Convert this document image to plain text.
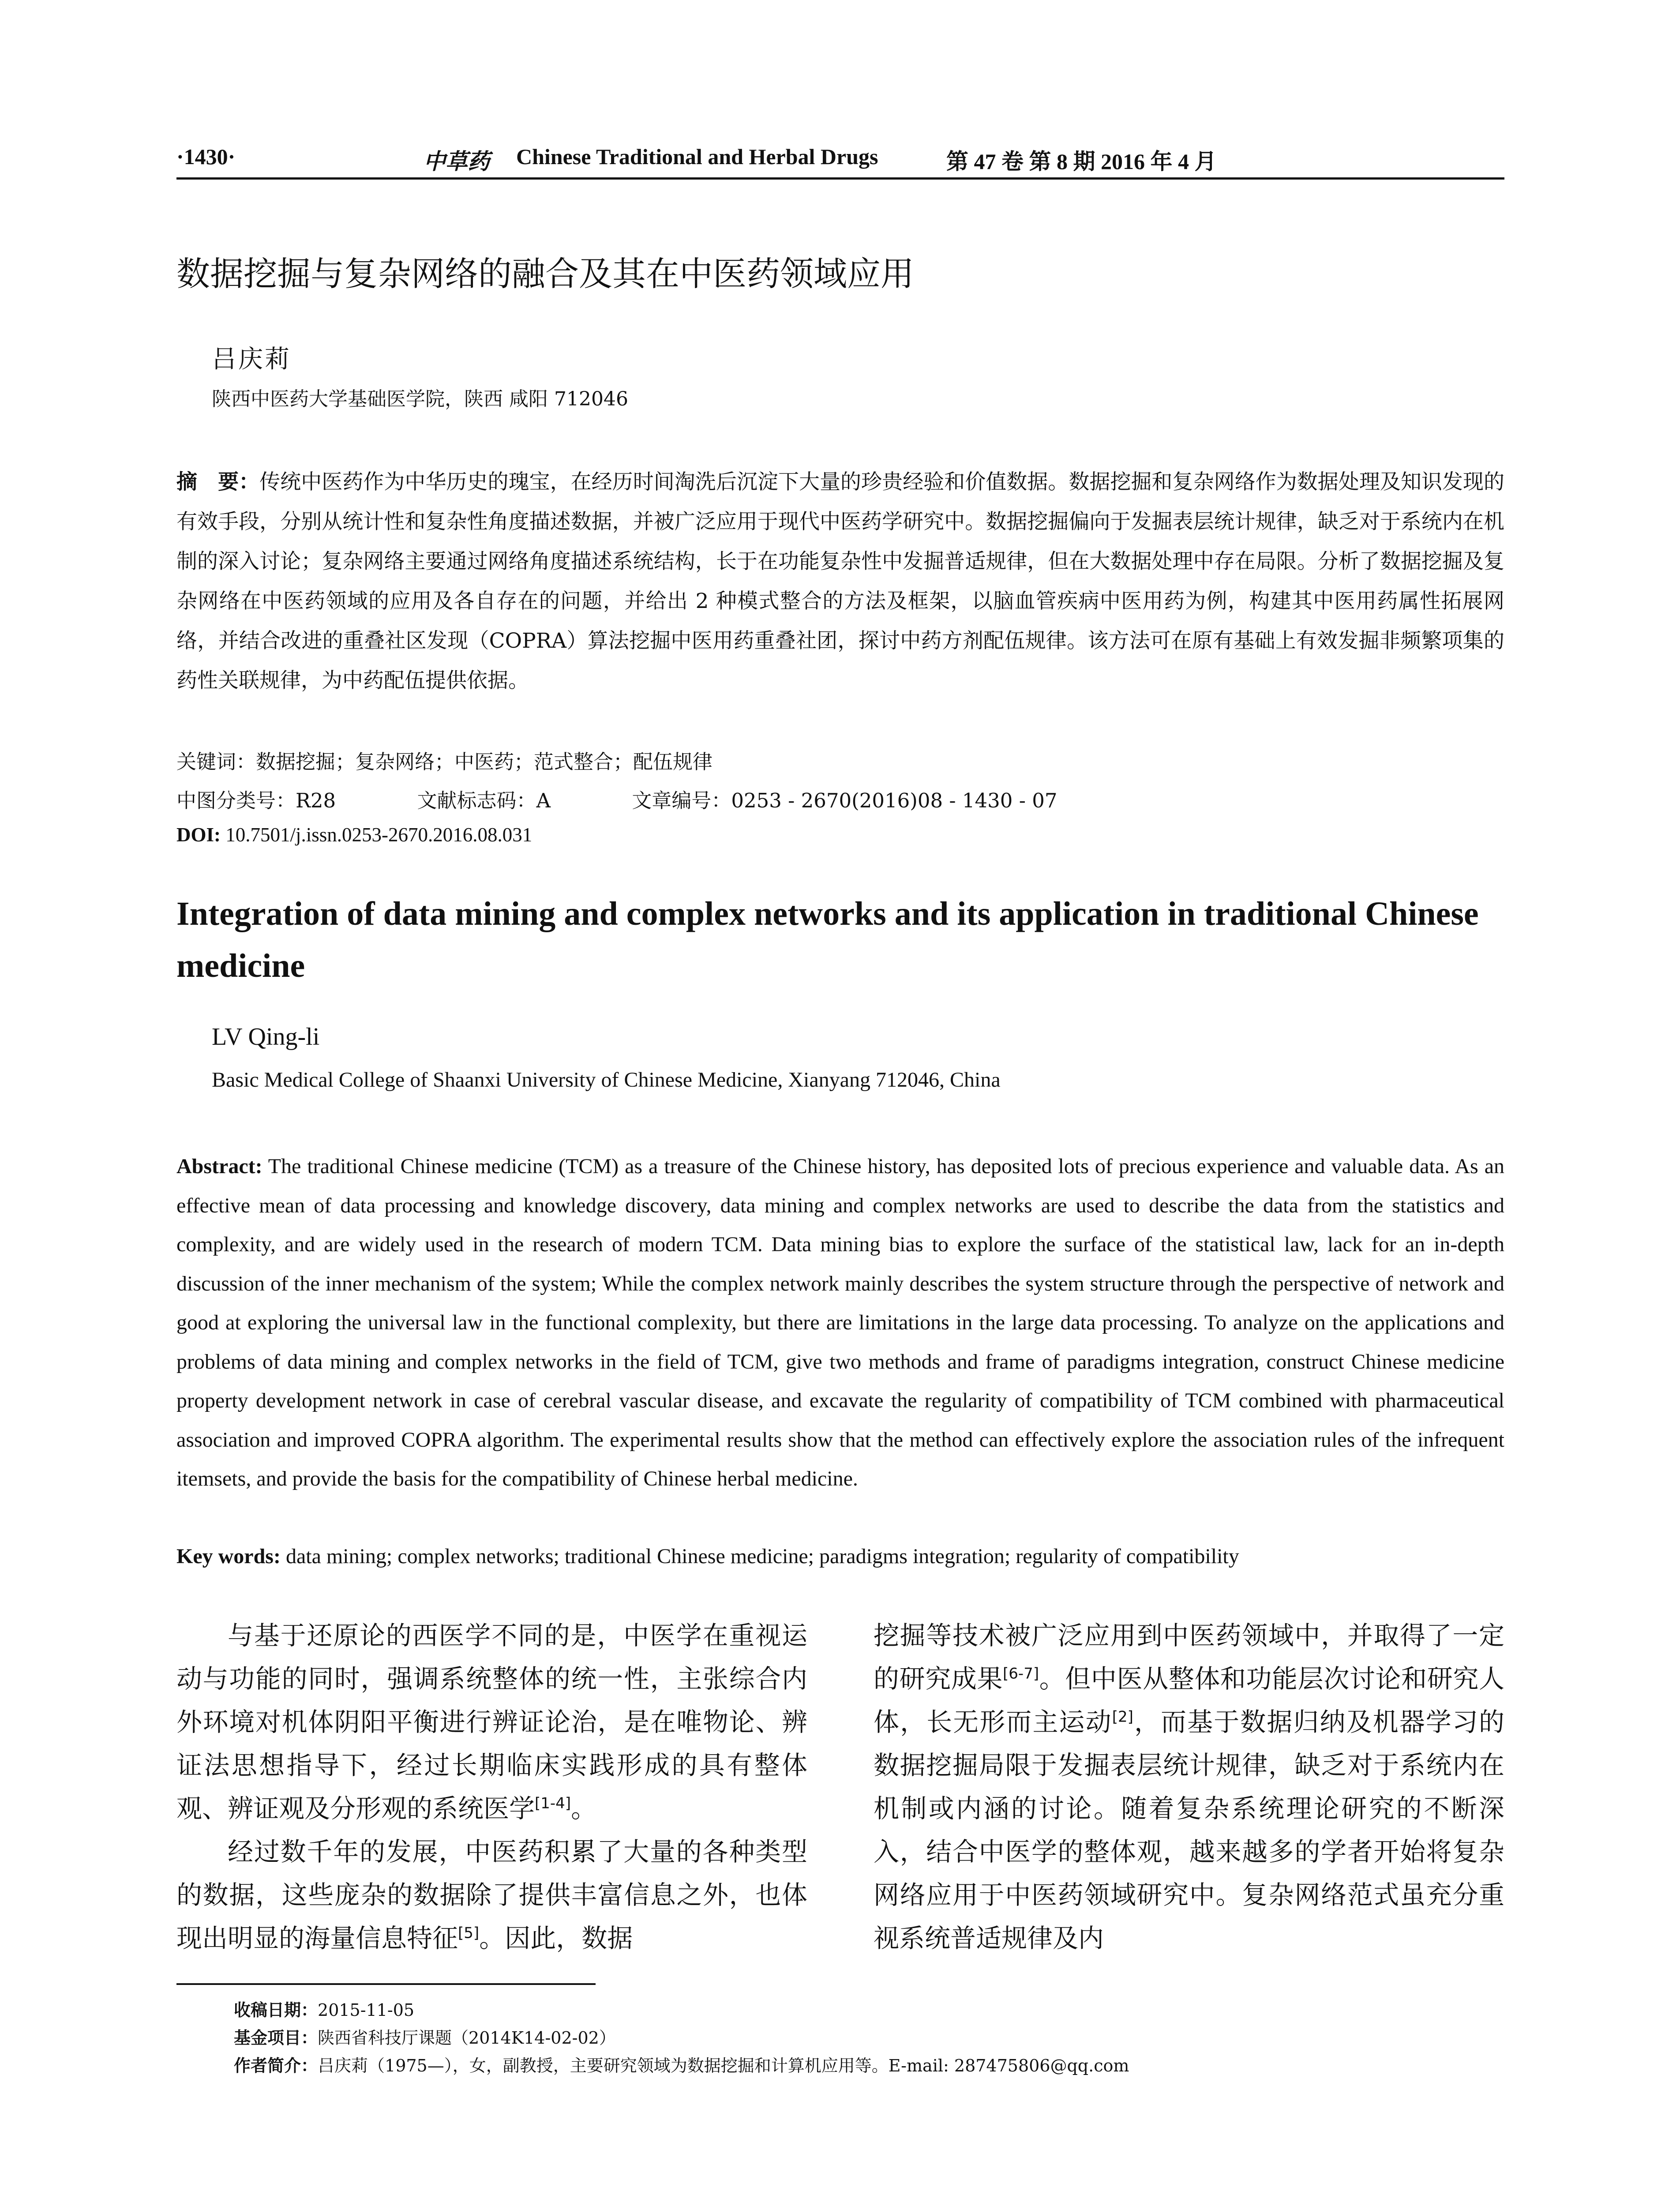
·1430·	中草药 Chinese Traditional and Herbal Drugs	第 47 卷 第 8 期 2016 年 4 月
数据挖掘与复杂网络的融合及其在中医药领域应用
吕庆莉
陕西中医药大学基础医学院，陕西 咸阳 712046
摘　要：传统中医药作为中华历史的瑰宝，在经历时间淘洗后沉淀下大量的珍贵经验和价值数据。数据挖掘和复杂网络作为数据处理及知识发现的有效手段，分别从统计性和复杂性角度描述数据，并被广泛应用于现代中医药学研究中。数据挖掘偏向于发掘表层统计规律，缺乏对于系统内在机制的深入讨论；复杂网络主要通过网络角度描述系统结构，长于在功能复杂性中发掘普适规律，但在大数据处理中存在局限。分析了数据挖掘及复杂网络在中医药领域的应用及各自存在的问题，并给出 2 种模式整合的方法及框架，以脑血管疾病中医用药为例，构建其中医用药属性拓展网络，并结合改进的重叠社区发现（COPRA）算法挖掘中医用药重叠社团，探讨中药方剂配伍规律。该方法可在原有基础上有效发掘非频繁项集的药性关联规律，为中药配伍提供依据。
关键词：数据挖掘；复杂网络；中医药；范式整合；配伍规律
中图分类号：R28	文献标志码：A	文章编号：0253 - 2670(2016)08 - 1430 - 07
DOI: 10.7501/j.issn.0253-2670.2016.08.031
Integration of data mining and complex networks and its application in traditional Chinese medicine
LV Qing-li
Basic Medical College of Shaanxi University of Chinese Medicine, Xianyang 712046, China
Abstract: The traditional Chinese medicine (TCM) as a treasure of the Chinese history, has deposited lots of precious experience and valuable data. As an effective mean of data processing and knowledge discovery, data mining and complex networks are used to describe the data from the statistics and complexity, and are widely used in the research of modern TCM. Data mining bias to explore the surface of the statistical law, lack for an in-depth discussion of the inner mechanism of the system; While the complex network mainly describes the system structure through the perspective of network and good at exploring the universal law in the functional complexity, but there are limitations in the large data processing. To analyze on the applications and problems of data mining and complex networks in the field of TCM, give two methods and frame of paradigms integration, construct Chinese medicine property development network in case of cerebral vascular disease, and excavate the regularity of compatibility of TCM combined with pharmaceutical association and improved COPRA algorithm. The experimental results show that the method can effectively explore the association rules of the infrequent itemsets, and provide the basis for the compatibility of Chinese herbal medicine.
Key words: data mining; complex networks; traditional Chinese medicine; paradigms integration; regularity of compatibility

与基于还原论的西医学不同的是，中医学在重视运动与功能的同时，强调系统整体的统一性，主张综合内外环境对机体阴阳平衡进行辨证论治，是在唯物论、辨证法思想指导下，经过长期临床实践形成的具有整体观、辨证观及分形观的系统医学[1-4]。

经过数千年的发展，中医药积累了大量的各种类型的数据，这些庞杂的数据除了提供丰富信息之外，也体现出明显的海量信息特征[5]。因此，数据

挖掘等技术被广泛应用到中医药领域中，并取得了一定的研究成果[6-7]。但中医从整体和功能层次讨论和研究人体，长无形而主运动[2]，而基于数据归纳及机器学习的数据挖掘局限于发掘表层统计规律，缺乏对于系统内在机制或内涵的讨论。随着复杂系统理论研究的不断深入，结合中医学的整体观，越来越多的学者开始将复杂网络应用于中医药领域研究中。复杂网络范式虽充分重视系统普适规律及内

收稿日期：2015-11-05
基金项目：陕西省科技厅课题（2014K14-02-02）
作者简介：吕庆莉（1975—），女，副教授，主要研究领域为数据挖掘和计算机应用等。E-mail: 287475806@qq.com
